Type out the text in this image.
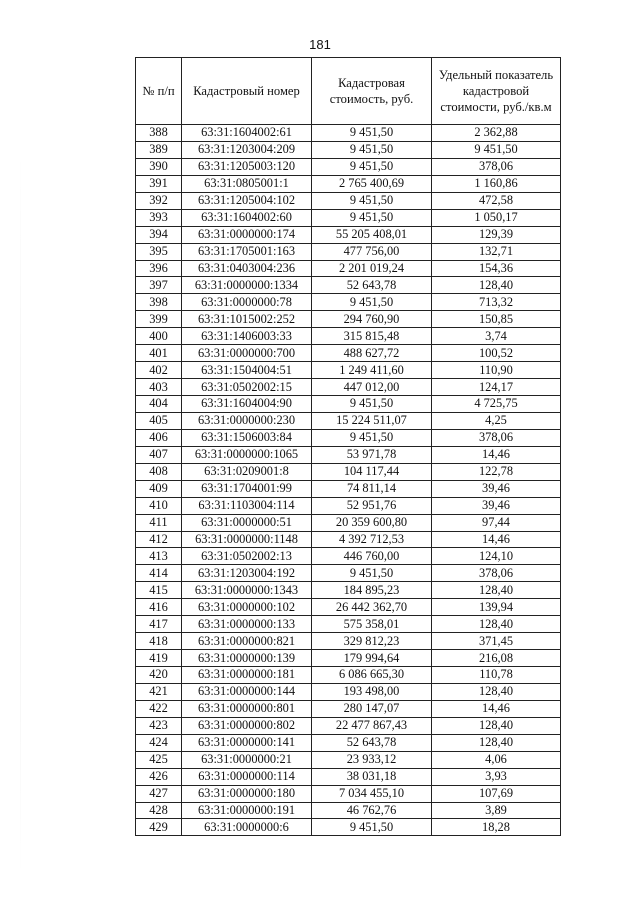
181
№ п/п	Кадастровый номер	Кадастровая стоимость, руб.	Удельный показатель кадастровой стоимости, руб./кв.м
388	63:31:1604002:61	9 451,50	2 362,88
389	63:31:1203004:209	9 451,50	9 451,50
390	63:31:1205003:120	9 451,50	378,06
391	63:31:0805001:1	2 765 400,69	1 160,86
392	63:31:1205004:102	9 451,50	472,58
393	63:31:1604002:60	9 451,50	1 050,17
394	63:31:0000000:174	55 205 408,01	129,39
395	63:31:1705001:163	477 756,00	132,71
396	63:31:0403004:236	2 201 019,24	154,36
397	63:31:0000000:1334	52 643,78	128,40
398	63:31:0000000:78	9 451,50	713,32
399	63:31:1015002:252	294 760,90	150,85
400	63:31:1406003:33	315 815,48	3,74
401	63:31:0000000:700	488 627,72	100,52
402	63:31:1504004:51	1 249 411,60	110,90
403	63:31:0502002:15	447 012,00	124,17
404	63:31:1604004:90	9 451,50	4 725,75
405	63:31:0000000:230	15 224 511,07	4,25
406	63:31:1506003:84	9 451,50	378,06
407	63:31:0000000:1065	53 971,78	14,46
408	63:31:0209001:8	104 117,44	122,78
409	63:31:1704001:99	74 811,14	39,46
410	63:31:1103004:114	52 951,76	39,46
411	63:31:0000000:51	20 359 600,80	97,44
412	63:31:0000000:1148	4 392 712,53	14,46
413	63:31:0502002:13	446 760,00	124,10
414	63:31:1203004:192	9 451,50	378,06
415	63:31:0000000:1343	184 895,23	128,40
416	63:31:0000000:102	26 442 362,70	139,94
417	63:31:0000000:133	575 358,01	128,40
418	63:31:0000000:821	329 812,23	371,45
419	63:31:0000000:139	179 994,64	216,08
420	63:31:0000000:181	6 086 665,30	110,78
421	63:31:0000000:144	193 498,00	128,40
422	63:31:0000000:801	280 147,07	14,46
423	63:31:0000000:802	22 477 867,43	128,40
424	63:31:0000000:141	52 643,78	128,40
425	63:31:0000000:21	23 933,12	4,06
426	63:31:0000000:114	38 031,18	3,93
427	63:31:0000000:180	7 034 455,10	107,69
428	63:31:0000000:191	46 762,76	3,89
429	63:31:0000000:6	9 451,50	18,28
